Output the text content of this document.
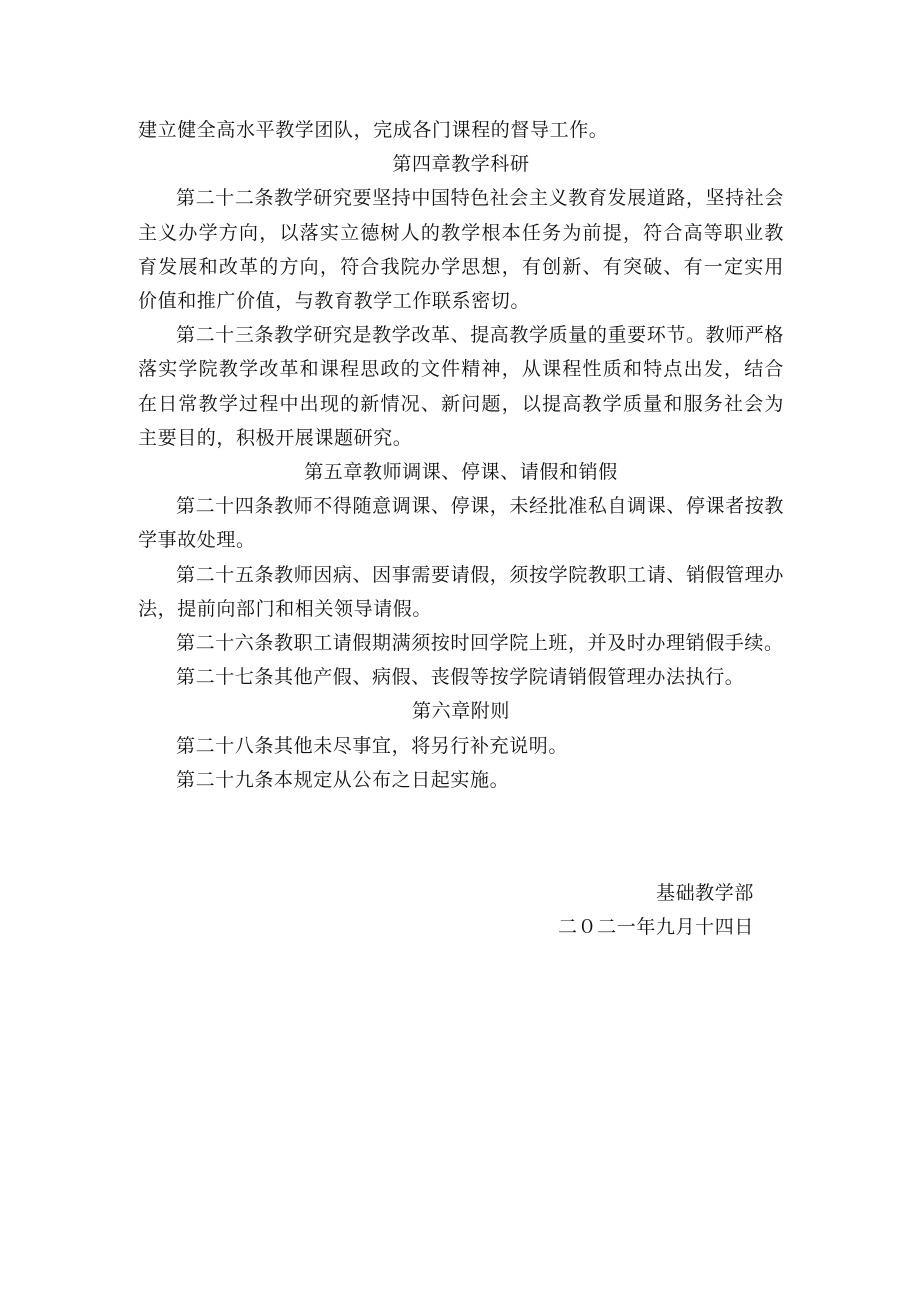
建立健全高水平教学团队，完成各门课程的督导工作。

第四章教学科研

第二十二条教学研究要坚持中国特色社会主义教育发展道路，坚持社会主义办学方向，以落实立德树人的教学根本任务为前提，符合高等职业教育发展和改革的方向，符合我院办学思想，有创新、有突破、有一定实用价值和推广价值，与教育教学工作联系密切。

第二十三条教学研究是教学改革、提高教学质量的重要环节。教师严格落实学院教学改革和课程思政的文件精神，从课程性质和特点出发，结合在日常教学过程中出现的新情况、新问题，以提高教学质量和服务社会为主要目的，积极开展课题研究。

第五章教师调课、停课、请假和销假

第二十四条教师不得随意调课、停课，未经批准私自调课、停课者按教学事故处理。

第二十五条教师因病、因事需要请假，须按学院教职工请、销假管理办法，提前向部门和相关领导请假。

第二十六条教职工请假期满须按时回学院上班，并及时办理销假手续。

第二十七条其他产假、病假、丧假等按学院请销假管理办法执行。

第六章附则

第二十八条其他未尽事宜，将另行补充说明。

第二十九条本规定从公布之日起实施。

基础教学部

二０二一年九月十四日
